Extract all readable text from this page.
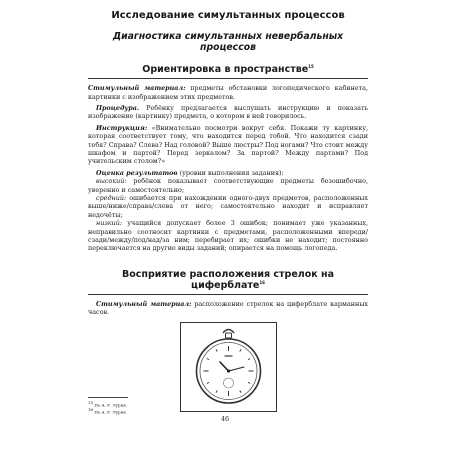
Исследование симультанных процессов
Диагностика симультанных невербальных процессов
Ориентировка в пространстве$^{15}$
Стимульный материал: предметы обстановки логопедического кабинета, картинки с изображением этих предметов.
Процедура. Ребёнку предлагается выслушать инструкцию и показать изображение (картинку) предмета, о котором в ней говорилось.
Инструкция: «Внимательно посмотри вокруг себя. Покажи ту картинку, которая соответствует тому, что находится перед тобой. Что находится сзади тебя? Справа? Слева? Над головой? Выше люстры? Под ногами? Что стоит между шкафом и партой? Перед зеркалом? За партой? Между партами? Под учительским столом?»
Оценка результатов (уровни выполнения задания):
высокий: ребёнок показывает соответствующие предметы безошибочно, уверенно и самостоятельно;
средний: ошибается при нахождении одного-двух предметов, расположенных выше/ниже/справа/слева от него; самостоятельно находит и исправляет недочёты;
низкий: учащийся допускает более 3 ошибок; понимает уже указанных, неправильно соотносит картинки с предметами, расположенными впереди/сзади/между/под/над/за ним; перебирает их; ошибки не находит; постоянно переключается на другие виды заданий; опирается на помощь логопеда.
Восприятие расположения стрелок на циферблате$^{16}$
Стимульный материал: расположение стрелок на циферблате карманных часов.
$^{15}$ По А. Р. Лурия.
$^{16}$ По А. Р. Лурия.
46
